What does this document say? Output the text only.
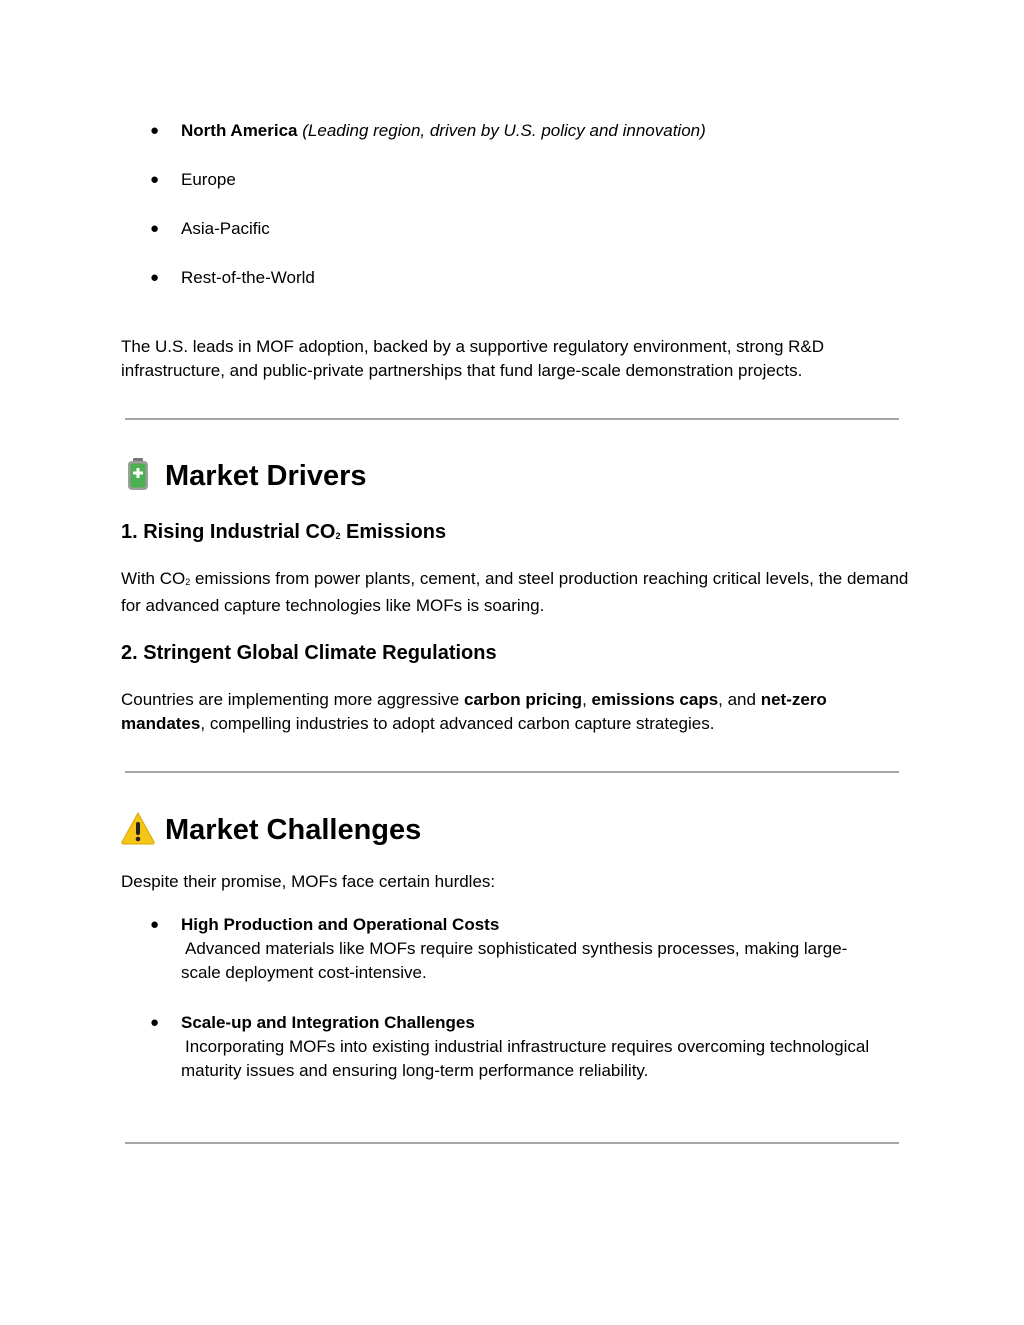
●	North America (Leading region, driven by U.S. policy and innovation)
●	Europe
●	Asia-Pacific
●	Rest-of-the-World
The U.S. leads in MOF adoption, backed by a supportive regulatory environment, strong R&D infrastructure, and public-private partnerships that fund large-scale demonstration projects.
Market Drivers
1. Rising Industrial CO2 Emissions
With CO2 emissions from power plants, cement, and steel production reaching critical levels, the demand for advanced capture technologies like MOFs is soaring.
2. Stringent Global Climate Regulations
Countries are implementing more aggressive carbon pricing, emissions caps, and net-zero mandates, compelling industries to adopt advanced carbon capture strategies.
Market Challenges
Despite their promise, MOFs face certain hurdles:
●	High Production and Operational Costs
Advanced materials like MOFs require sophisticated synthesis processes, making large-scale deployment cost-intensive.
●	Scale-up and Integration Challenges
Incorporating MOFs into existing industrial infrastructure requires overcoming technological maturity issues and ensuring long-term performance reliability.
